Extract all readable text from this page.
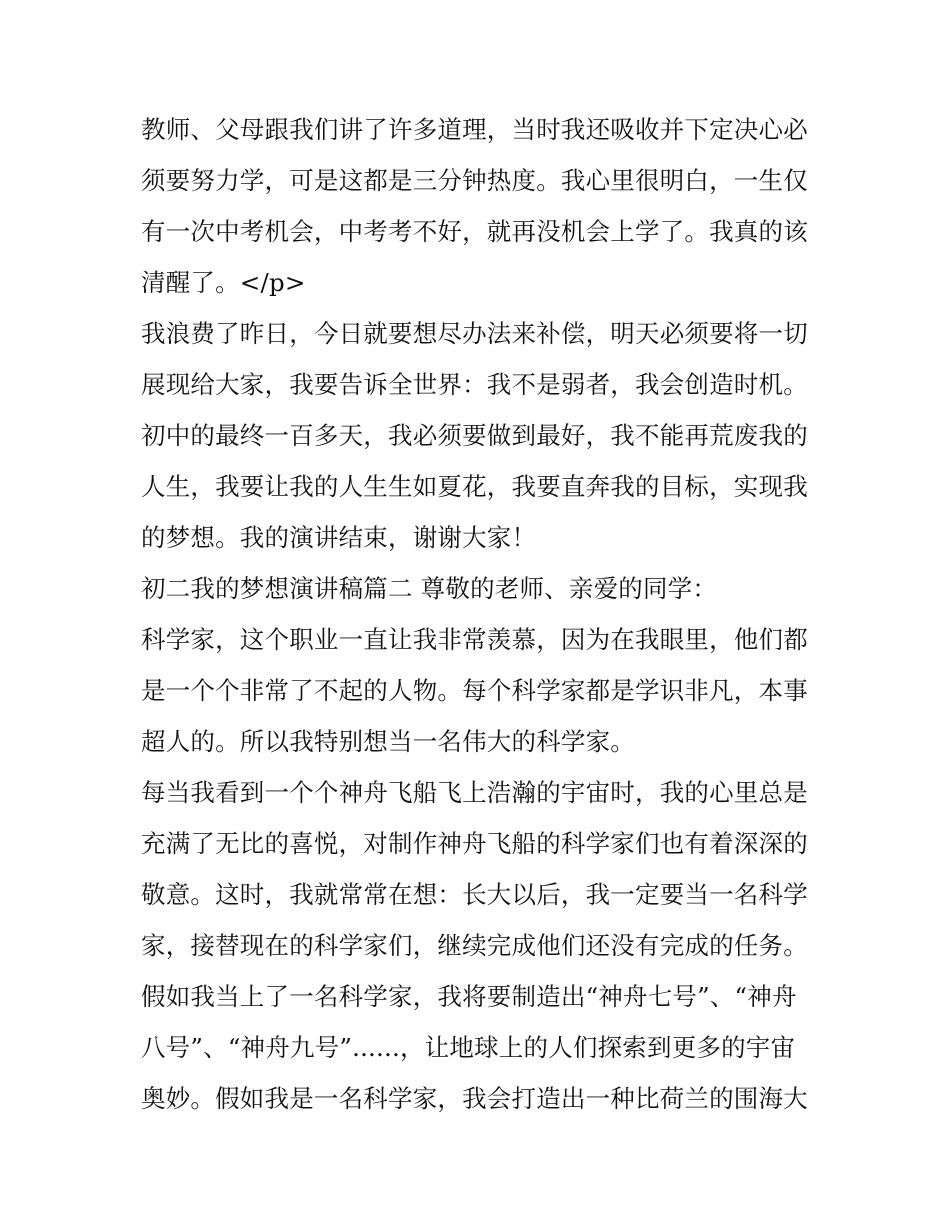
教师、父母跟我们讲了许多道理，当时我还吸收并下定决心必
须要努力学，可是这都是三分钟热度。我心里很明白，一生仅
有一次中考机会，中考考不好，就再没机会上学了。我真的该
清醒了。</p>
我浪费了昨日，今日就要想尽办法来补偿，明天必须要将一切
展现给大家，我要告诉全世界：我不是弱者，我会创造时机。
初中的最终一百多天，我必须要做到最好，我不能再荒废我的
人生，我要让我的人生生如夏花，我要直奔我的目标，实现我
的梦想。我的演讲结束，谢谢大家！
初二我的梦想演讲稿篇二 尊敬的老师、亲爱的同学：
科学家，这个职业一直让我非常羡慕，因为在我眼里，他们都
是一个个非常了不起的人物。每个科学家都是学识非凡，本事
超人的。所以我特别想当一名伟大的科学家。
每当我看到一个个神舟飞船飞上浩瀚的宇宙时，我的心里总是
充满了无比的喜悦，对制作神舟飞船的科学家们也有着深深的
敬意。这时，我就常常在想：长大以后，我一定要当一名科学
家，接替现在的科学家们，继续完成他们还没有完成的任务。
假如我当上了一名科学家，我将要制造出“神舟七号”、“神舟
八号”、“神舟九号”......，让地球上的人们探索到更多的宇宙
奥妙。假如我是一名科学家，我会打造出一种比荷兰的围海大
